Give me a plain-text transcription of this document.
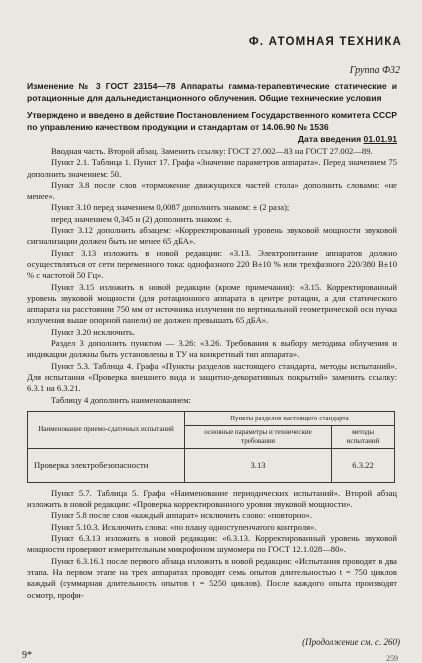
Ф. АТОМНАЯ ТЕХНИКА
Группа Ф32

Изменение № 3 ГОСТ 23154—78 Аппараты гамма-терапевтические статические и ротационные для дальнедистанционного облучения. Общие технические условия

Утверждено и введено в действие Постановлением Государственного комитета СССР по управлению качеством продукции и стандартам от 14.06.90 № 1536

Дата введения 01.01.91

Вводная часть. Второй абзац. Заменить ссылку: ГОСТ 27.002—83 на ГОСТ 27.002—89.

Пункт 2.1. Таблица 1. Пункт 17. Графа «Значение параметров аппарата». Перед значением 75 дополнить значением: 50.

Пункт 3.8 после слов «торможение движущихся частей стола» дополнить словами: «не менее».

Пункт 3.10 перед значением 0,0087 дополнить знаком: ± (2 раза);

перед значением 0,345 и (2) дополнить знаком: ±.

Пункт 3.12 дополнить абзацем: «Корректированный уровень звуковой мощности звуковой сигнализации должен быть не менее 65 дБА».

Пункт 3.13 изложить в новой редакции: «3.13. Электропитание аппаратов должно осуществляться от сети переменного тока: однофазного 220 В±10 % или трехфазного 220/380 В±10 % с частотой 50 Гц».

Пункт 3.15 изложить в новой редакции (кроме примечания): «3.15. Корректированный уровень звуковой мощности (для ротационного аппарата в центре ротации, а для статического аппарата на расстоянии 750 мм от источника излучения по вертикальной геометрической оси пучка излучения выше опорной панели) не должен превышать 65 дБА».

Пункт 3.20 исключить.

Раздел 3 дополнить пунктом — 3.26: «3.26. Требования к выбору методика облучения и индикации должны быть установлены в ТУ на конкретный тип аппарата».

Пункт 5.3. Таблица 4. Графа «Пункты разделов настоящего стандарта, методы испытаний». Для испытания «Проверка внешнего вида и защитно-декоративных покрытий» заменить ссылку: 6.3.1 на 6.3.21.

Таблицу 4 дополнить наименованием:

Наименование приемо-сдаточных испытаний	Пункты разделов настоящего стандарта	
	основные параметры и технические требования	методы испытаний
Проверка электробезопасности	3.13	6.3.22

Пункт 5.7. Таблица 5. Графа «Наименование периодических испытаний». Второй абзац изложить в новой редакции: «Проверка корректированного уровня звуковой мощности».

Пункт 5.8 после слов «каждый аппарат» исключить слово: «повторно».

Пункт 5.10.3. Исключить слова: «по плану одноступенчатого контроля».

Пункт 6.3.13 изложить в новой редакции: «6.3.13. Корректированный уровень звуковой мощности проверяют измерительным микрофоном шумомера по ГОСТ 12.1.028—80».

Пункт 6.3.16.1 после первого абзаца изложить в новой редакции: «Испытания проводят в два этапа. На первом этапе на трех аппаратах проводят семь опытов длительностью t = 750 циклов каждый (суммарная длительность опытов t = 5250 циклов). После каждого опыта производят осмотр, профи-

(Продолжение см. с. 260)
9*	259
